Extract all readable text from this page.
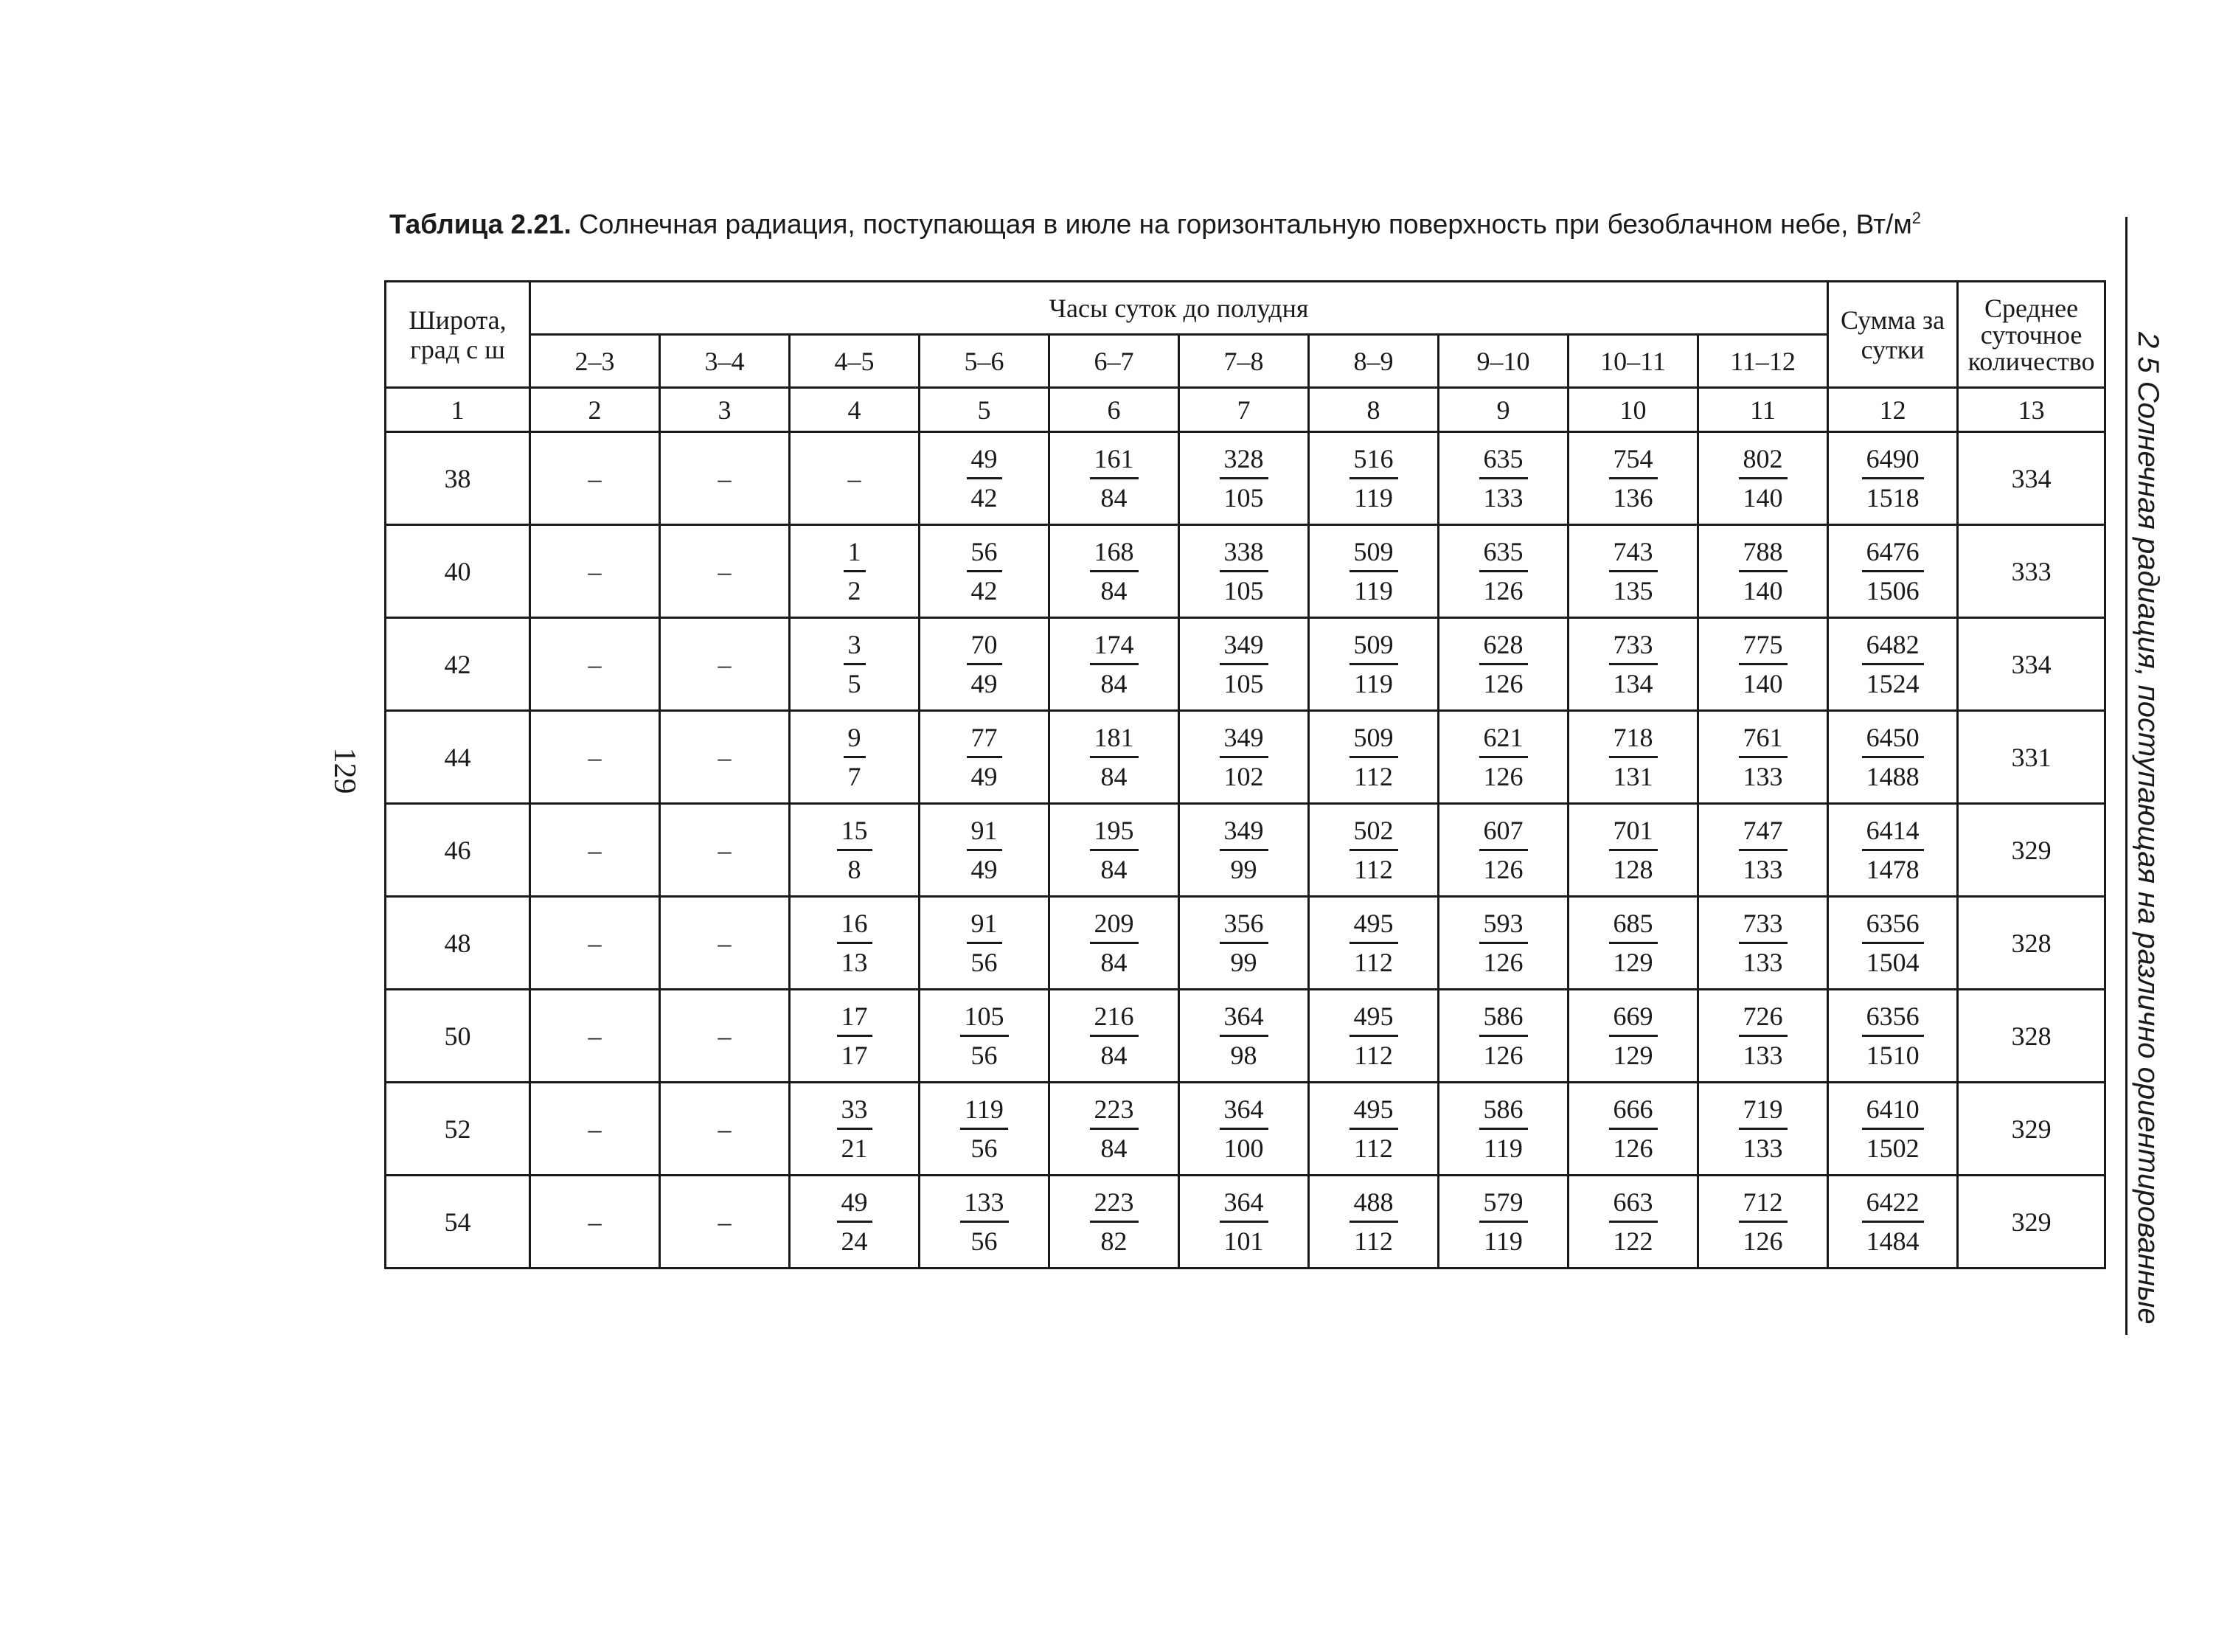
Таблица 2.21. Солнечная радиация, поступающая в июле на горизонтальную поверхность при безоблачном небе, $Вт/м^2$
Широта, град с ш	Часы суток до полудня										Сумма за сутки	Среднее суточное количество
	2–3	3–4	4–5	5–6	6–7	7–8	8–9	9–10	10–11	11–12		
1	2	3	4	5	6	7	8	9	10	11	12	13
38	–	–	–	$\frac{49}{42}$	$\frac{161}{84}$	$\frac{328}{105}$	$\frac{516}{119}$	$\frac{635}{133}$	$\frac{754}{136}$	$\frac{802}{140}$	$\frac{6490}{1518}$	334
40	–	–	$\frac{1}{2}$	$\frac{56}{42}$	$\frac{168}{84}$	$\frac{338}{105}$	$\frac{509}{119}$	$\frac{635}{126}$	$\frac{743}{135}$	$\frac{788}{140}$	$\frac{6476}{1506}$	333
42	–	–	$\frac{3}{5}$	$\frac{70}{49}$	$\frac{174}{84}$	$\frac{349}{105}$	$\frac{509}{119}$	$\frac{628}{126}$	$\frac{733}{134}$	$\frac{775}{140}$	$\frac{6482}{1524}$	334
44	–	–	$\frac{9}{7}$	$\frac{77}{49}$	$\frac{181}{84}$	$\frac{349}{102}$	$\frac{509}{112}$	$\frac{621}{126}$	$\frac{718}{131}$	$\frac{761}{133}$	$\frac{6450}{1488}$	331
46	–	–	$\frac{15}{8}$	$\frac{91}{49}$	$\frac{195}{84}$	$\frac{349}{99}$	$\frac{502}{112}$	$\frac{607}{126}$	$\frac{701}{128}$	$\frac{747}{133}$	$\frac{6414}{1478}$	329
48	–	–	$\frac{16}{13}$	$\frac{91}{56}$	$\frac{209}{84}$	$\frac{356}{99}$	$\frac{495}{112}$	$\frac{593}{126}$	$\frac{685}{129}$	$\frac{733}{133}$	$\frac{6356}{1504}$	328
50	–	–	$\frac{17}{17}$	$\frac{105}{56}$	$\frac{216}{84}$	$\frac{364}{98}$	$\frac{495}{112}$	$\frac{586}{126}$	$\frac{669}{129}$	$\frac{726}{133}$	$\frac{6356}{1510}$	328
52	–	–	$\frac{33}{21}$	$\frac{119}{56}$	$\frac{223}{84}$	$\frac{364}{100}$	$\frac{495}{112}$	$\frac{586}{119}$	$\frac{666}{126}$	$\frac{719}{133}$	$\frac{6410}{1502}$	329
54	–	–	$\frac{49}{24}$	$\frac{133}{56}$	$\frac{223}{82}$	$\frac{364}{101}$	$\frac{488}{112}$	$\frac{579}{119}$	$\frac{663}{122}$	$\frac{712}{126}$	$\frac{6422}{1484}$	329
129	2 5 Солнечная радиация, поступающая на различно ориентированные
